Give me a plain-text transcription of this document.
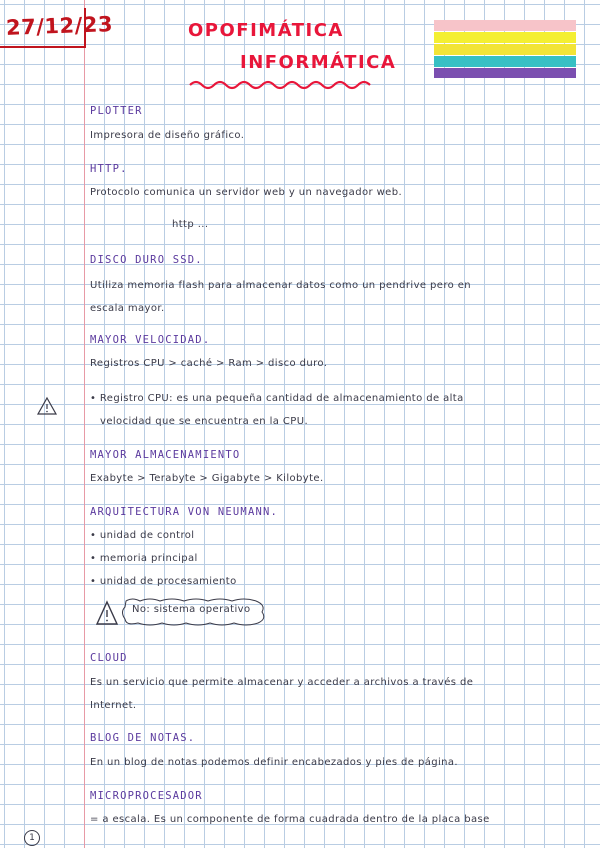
27/12/23	OPOFIMÁTICA
INFORMÁTICA
PLOTTER
Impresora de diseño gráfico.
HTTP.
Protocolo comunica un servidor web y un navegador web.
http ...
DISCO DURO SSD.
Utiliza memoria flash para almacenar datos como un pendrive pero en
escala mayor.
MAYOR VELOCIDAD.
Registros CPU > caché > Ram > disco duro.
• Registro CPU: es una pequeña cantidad de almacenamiento de alta
velocidad que se encuentra en la CPU.
MAYOR ALMACENAMIENTO
Exabyte > Terabyte > Gigabyte > Kilobyte.
ARQUITECTURA VON NEUMANN.
• unidad de control
• memoria principal
• unidad de procesamiento
No: sistema operativo
CLOUD
Es un servicio que permite almacenar y acceder a archivos a través de
Internet.
BLOG DE NOTAS.
En un blog de notas podemos definir encabezados y pies de página.
MICROPROCESADOR
= a escala. Es un componente de forma cuadrada dentro de la placa base
1
